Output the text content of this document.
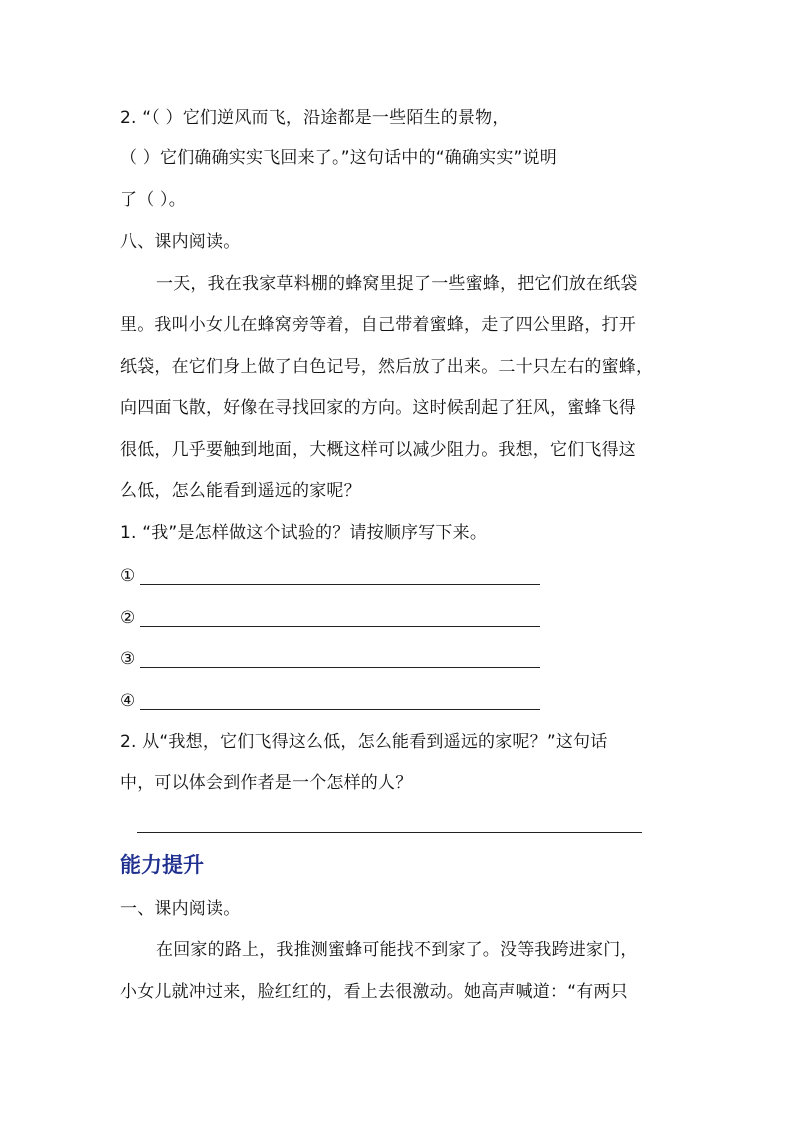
2. “（ ）它们逆风而飞，沿途都是一些陌生的景物，
（ ）它们确确实实飞回来了。”这句话中的“确确实实”说明
了（ ）。
八、课内阅读。
一天，我在我家草料棚的蜂窝里捉了一些蜜蜂，把它们放在纸袋
里。我叫小女儿在蜂窝旁等着，自己带着蜜蜂，走了四公里路，打开
纸袋，在它们身上做了白色记号，然后放了出来。二十只左右的蜜蜂，
向四面飞散，好像在寻找回家的方向。这时候刮起了狂风，蜜蜂飞得
很低，几乎要触到地面，大概这样可以减少阻力。我想，它们飞得这
么低，怎么能看到遥远的家呢？
1. “我”是怎样做这个试验的？请按顺序写下来。
①
②
③
④
2. 从“我想，它们飞得这么低，怎么能看到遥远的家呢？”这句话
中，可以体会到作者是一个怎样的人？
能力提升
一、课内阅读。
在回家的路上，我推测蜜蜂可能找不到家了。没等我跨进家门，
小女儿就冲过来，脸红红的，看上去很激动。她高声喊道：“有两只
